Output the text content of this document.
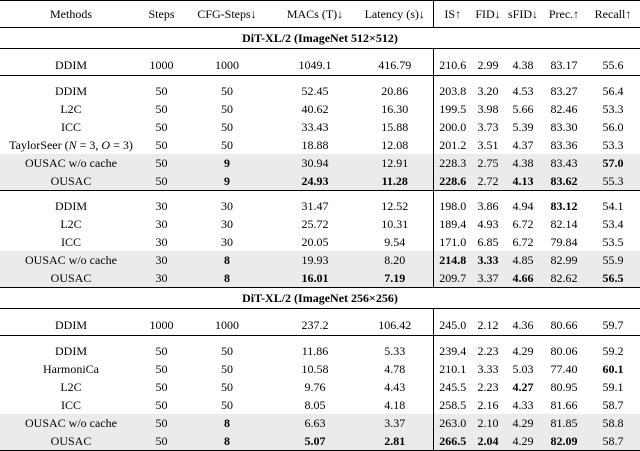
Methods	Steps	CFG-Steps↓	MACs (T)↓	Latency (s)↓	IS↑	FID↓	sFID↓	Prec.↑	Recall↑
DiT-XL/2 (ImageNet 512×512)									

DDIM	1000	1000	1049.1	416.79	210.6	2.99	4.38	83.17	55.6

DDIM	50	50	52.45	20.86	203.8	3.20	4.53	83.27	56.4
L2C	50	50	40.62	16.30	199.5	3.98	5.66	82.46	53.3
ICC	50	50	33.43	15.88	200.0	3.73	5.39	83.30	56.0
TaylorSeer (N = 3, O = 3)	50	50	18.88	12.08	201.2	3.51	4.37	83.36	53.3
OUSAC w/o cache	50	9	30.94	12.91	228.3	2.75	4.38	83.43	57.0
OUSAC	50	9	24.93	11.28	228.6	2.72	4.13	83.62	55.3

DDIM	30	30	31.47	12.52	198.0	3.86	4.94	83.12	54.1
L2C	30	30	25.72	10.31	189.4	4.93	6.72	82.14	53.4
ICC	30	30	20.05	9.54	171.0	6.85	6.72	79.84	53.5
OUSAC w/o cache	30	8	19.93	8.20	214.8	3.33	4.85	82.99	55.9
OUSAC	30	8	16.01	7.19	209.7	3.37	4.66	82.62	56.5
DiT-XL/2 (ImageNet 256×256)									

DDIM	1000	1000	237.2	106.42	245.0	2.12	4.36	80.66	59.7

DDIM	50	50	11.86	5.33	239.4	2.23	4.29	80.06	59.2
HarmoniCa	50	50	10.58	4.78	210.1	3.33	5.03	77.40	60.1
L2C	50	50	9.76	4.43	245.5	2.23	4.27	80.95	59.1
ICC	50	50	8.05	4.18	258.5	2.16	4.33	81.66	58.7
OUSAC w/o cache	50	8	6.63	3.37	263.0	2.10	4.29	81.85	58.8
OUSAC	50	8	5.07	2.81	266.5	2.04	4.29	82.09	58.7
